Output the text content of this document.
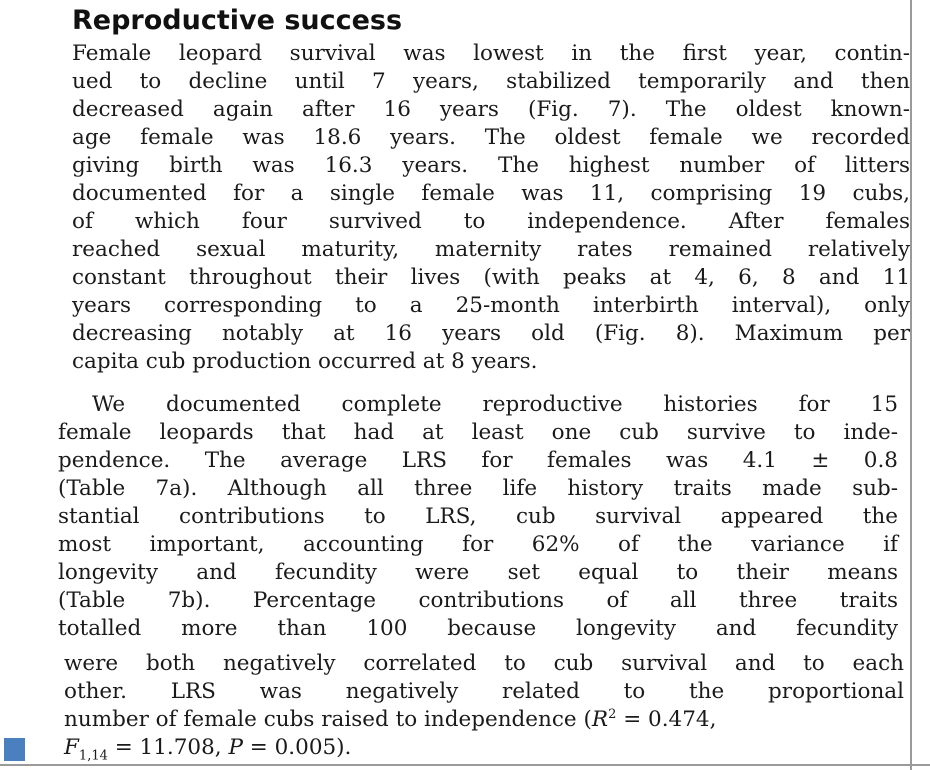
Reproductive success
Female leopard survival was lowest in the first year, contin-
ued to decline until 7 years, stabilized temporarily and then
decreased again after 16 years (Fig. 7). The oldest known-
age female was 18.6 years. The oldest female we recorded
giving birth was 16.3 years. The highest number of litters
documented for a single female was 11, comprising 19 cubs,
of which four survived to independence. After females
reached sexual maturity, maternity rates remained relatively
constant throughout their lives (with peaks at 4, 6, 8 and 11
years corresponding to a 25-month interbirth interval), only
decreasing notably at 16 years old (Fig. 8). Maximum per
capita cub production occurred at 8 years.
We documented complete reproductive histories for 15
female leopards that had at least one cub survive to inde-
pendence. The average LRS for females was 4.1 ± 0.8
(Table 7a). Although all three life history traits made sub-
stantial contributions to LRS, cub survival appeared the
most important, accounting for 62% of the variance if
longevity and fecundity were set equal to their means
(Table 7b). Percentage contributions of all three traits
totalled more than 100 because longevity and fecundity
were both negatively correlated to cub survival and to each
other. LRS was negatively related to the proportional
number of female cubs raised to independence ($R^2 = 0.474$,
$F_{1,14} = 11.708$, P = 0.005).
